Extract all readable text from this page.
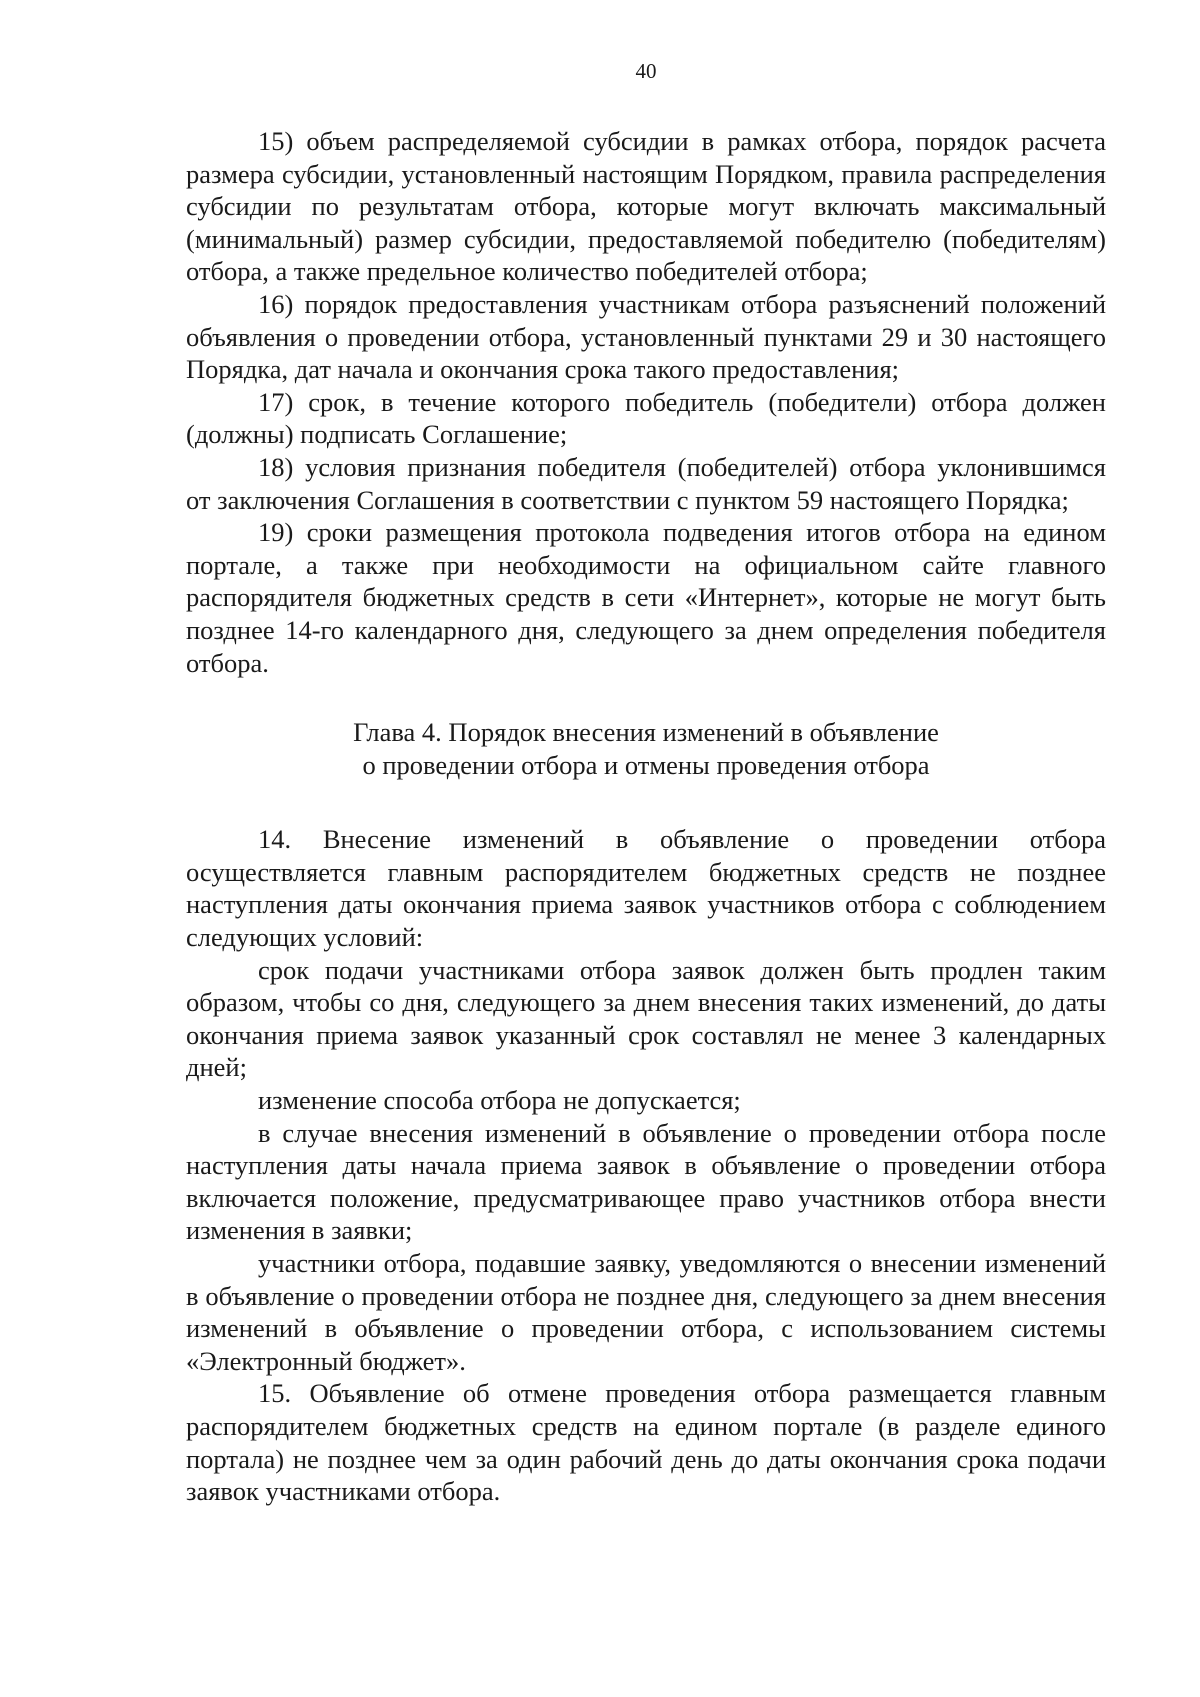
40

15) объем распределяемой субсидии в рамках отбора, порядок расчета размера субсидии, установленный настоящим Порядком, правила распределения субсидии по результатам отбора, которые могут включать максимальный (минимальный) размер субсидии, предоставляемой победителю (победителям) отбора, а также предельное количество победителей отбора;

16) порядок предоставления участникам отбора разъяснений положений объявления о проведении отбора, установленный пунктами 29 и 30 настоящего Порядка, дат начала и окончания срока такого предоставления;

17) срок, в течение которого победитель (победители) отбора должен (должны) подписать Соглашение;

18) условия признания победителя (победителей) отбора уклонившимся от заключения Соглашения в соответствии с пунктом 59 настоящего Порядка;

19) сроки размещения протокола подведения итогов отбора на едином портале, а также при необходимости на официальном сайте главного распорядителя бюджетных средств в сети «Интернет», которые не могут быть позднее 14-го календарного дня, следующего за днем определения победителя отбора.

Глава 4. Порядок внесения изменений в объявление
о проведении отбора и отмены проведения отбора

14. Внесение изменений в объявление о проведении отбора осуществляется главным распорядителем бюджетных средств не позднее наступления даты окончания приема заявок участников отбора с соблюдением следующих условий:

срок подачи участниками отбора заявок должен быть продлен таким образом, чтобы со дня, следующего за днем внесения таких изменений, до даты окончания приема заявок указанный срок составлял не менее 3 календарных дней;

изменение способа отбора не допускается;

в случае внесения изменений в объявление о проведении отбора после наступления даты начала приема заявок в объявление о проведении отбора включается положение, предусматривающее право участников отбора внести изменения в заявки;

участники отбора, подавшие заявку, уведомляются о внесении изменений в объявление о проведении отбора не позднее дня, следующего за днем внесения изменений в объявление о проведении отбора, с использованием системы «Электронный бюджет».

15. Объявление об отмене проведения отбора размещается главным распорядителем бюджетных средств на едином портале (в разделе единого портала) не позднее чем за один рабочий день до даты окончания срока подачи заявок участниками отбора.
